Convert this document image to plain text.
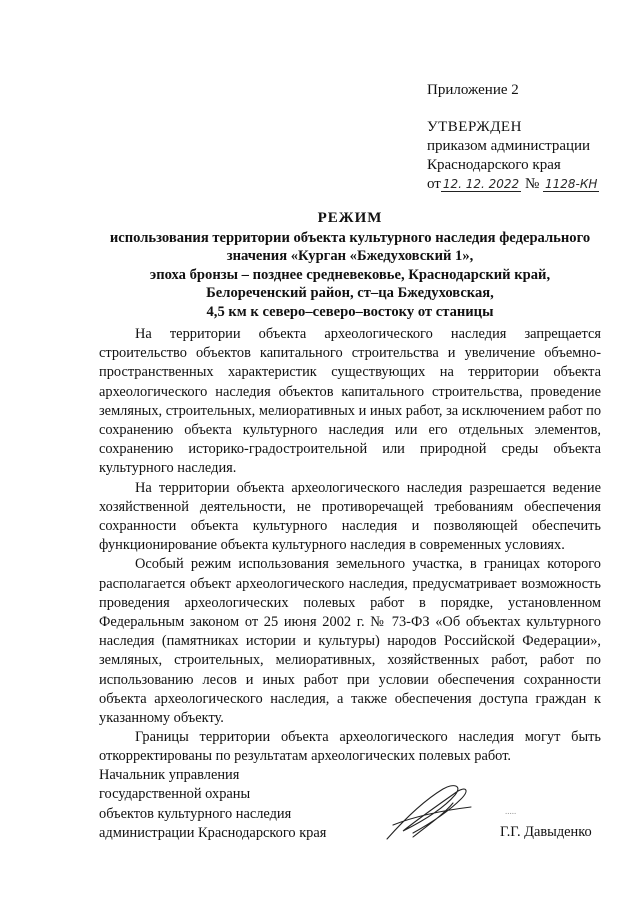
Приложение 2
УТВЕРЖДЕН
приказом администрации
Краснодарского края
от 12. 12. 2022 № 1128-КН
РЕЖИМ
использования территории объекта культурного наследия федерального
значения «Курган «Бжедуховский 1»,
эпоха бронзы – позднее средневековье, Краснодарский край,
Белореченский район, ст–ца Бжедуховская,
4,5 км к северо–северо–востоку от станицы

На территории объекта археологического наследия запрещается строительство объектов капитального строительства и увеличение объемно-пространственных характеристик существующих на территории объекта археологического наследия объектов капитального строительства, проведение земляных, строительных, мелиоративных и иных работ, за исключением работ по сохранению объекта культурного наследия или его отдельных элементов, сохранению историко-градостроительной или природной среды объекта культурного наследия.

На территории объекта археологического наследия разрешается ведение хозяйственной деятельности, не противоречащей требованиям обеспечения сохранности объекта культурного наследия и позволяющей обеспечить функционирование объекта культурного наследия в современных условиях.

Особый режим использования земельного участка, в границах которого располагается объект археологического наследия, предусматривает возможность проведения археологических полевых работ в порядке, установленном Федеральным законом от 25 июня 2002 г. № 73-ФЗ «Об объектах культурного наследия (памятниках истории и культуры) народов Российской Федерации», земляных, строительных, мелиоративных, хозяйственных работ, работ по использованию лесов и иных работ при условии обеспечения сохранности объекта археологического наследия, а также обеспечения доступа граждан к указанному объекту.

Границы территории объекта археологического наследия могут быть откорректированы по результатам археологических полевых работ.

Начальник управления
государственной охраны
объектов культурного наследия
администрации Краснодарского края
.....
Г.Г. Давыденко
